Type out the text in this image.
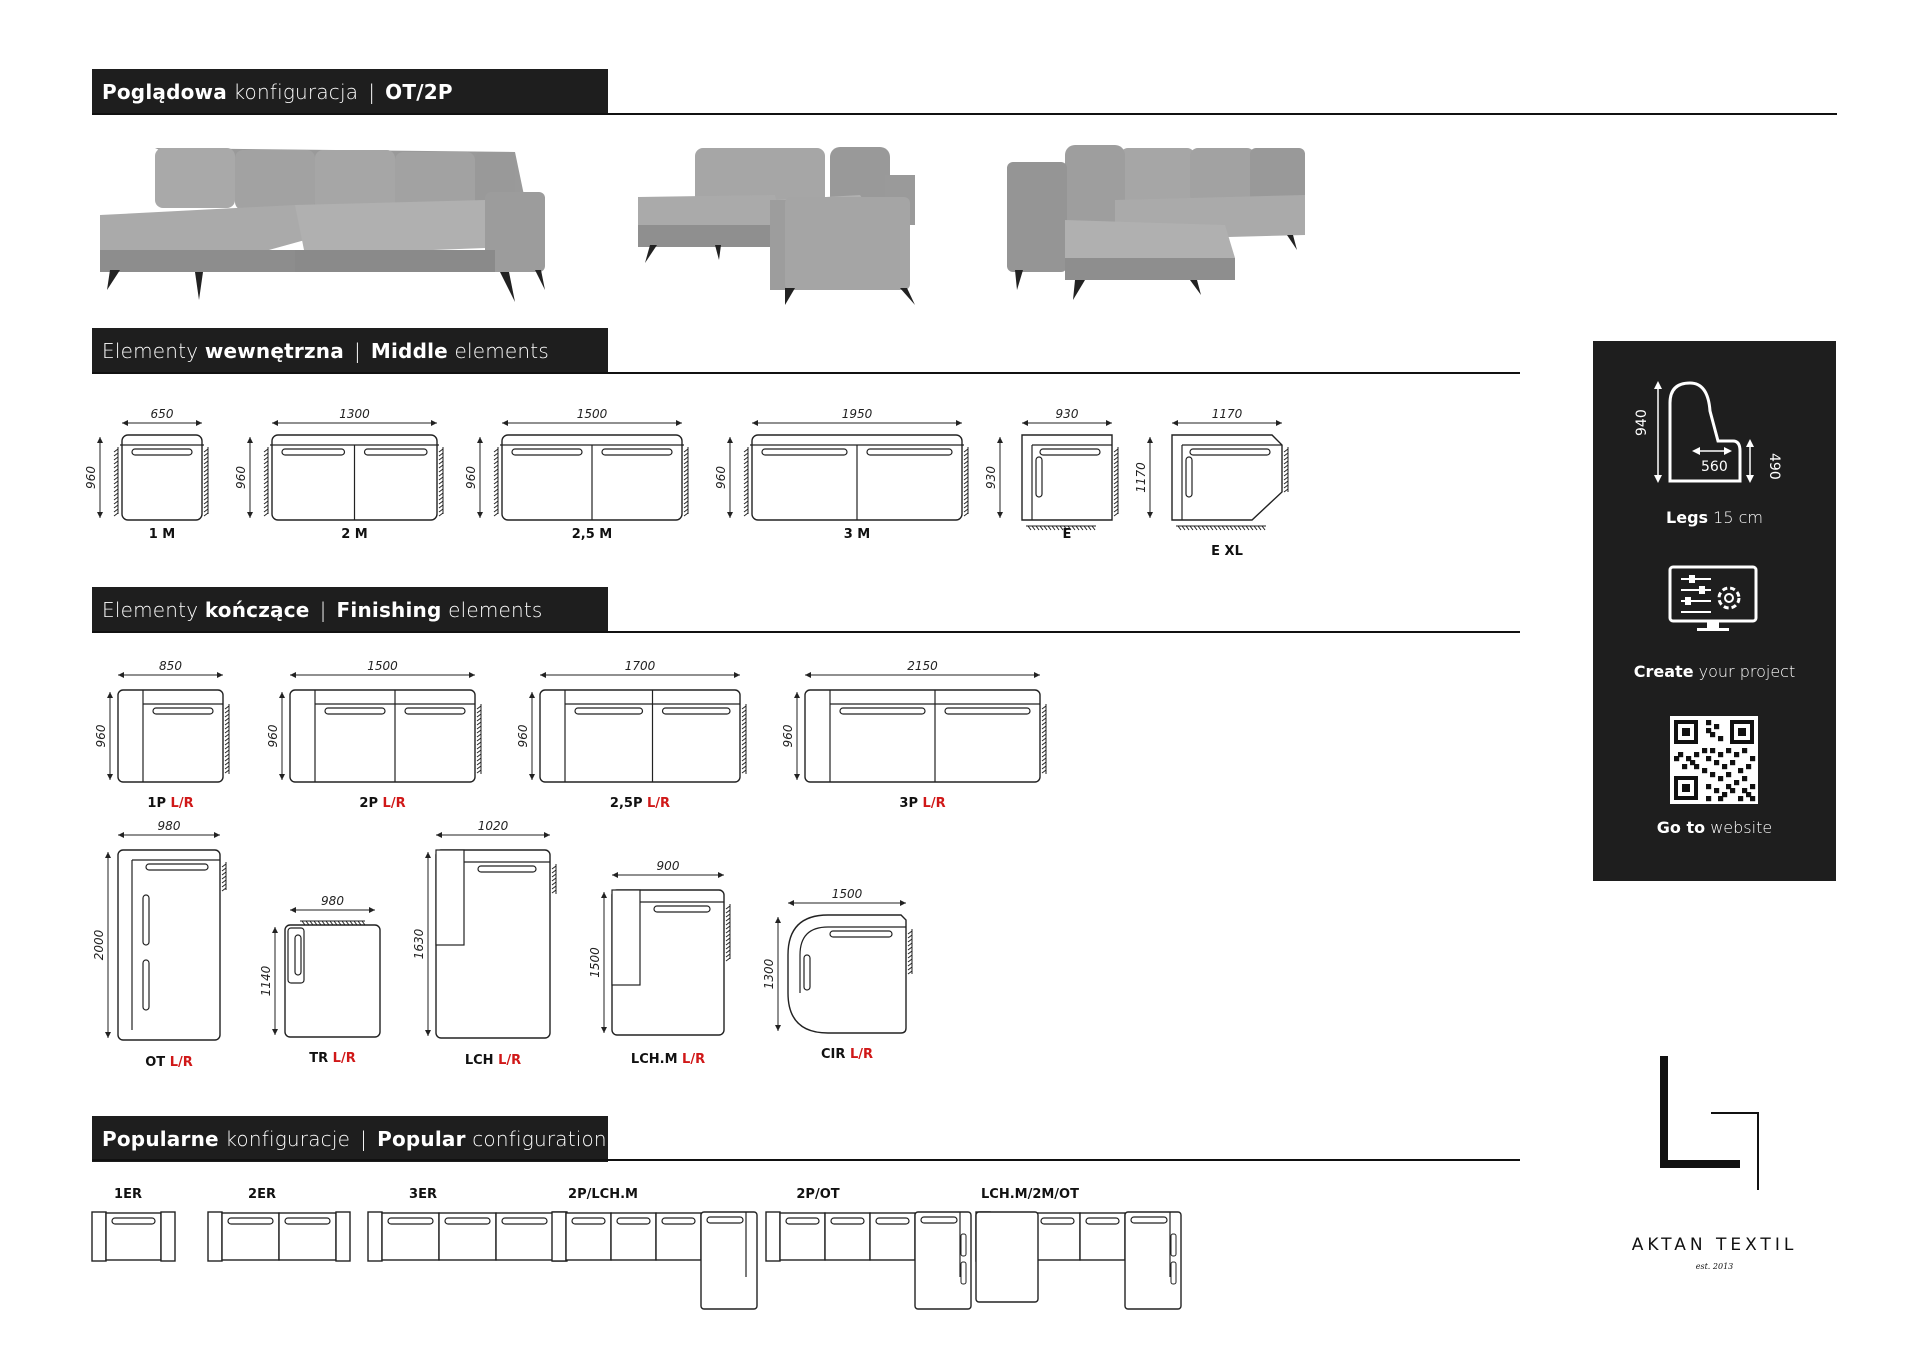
Poglądowa
konfiguracja | OT/2P
Elementy
wewnętrzna | Middle
elements
650
960
1 M
1300
960
2 M
1500
960
2,5 M
1950
960
3 M
930
930
E
1170
1170
E XL
Elementy
kończące | Finishing
elements
850
960
1P L/R
1500
960
2P L/R
1700
960
2,5P L/R
2150
960
3P L/R
980
2000
OT L/R
980
1140
TR L/R
1020
1630
LCH L/R
900
1500
LCH.M L/R
1500
1300
CIR L/R
Popularne
konfiguracje | Popular
configurations
1ER	2ER	3ER	2P/LCH.M	2P/OT	LCH.M/2M/OT
940
560	490
Legs 15 cm
Create your project
Go to website
AKTAN TEXTIL
est. 2013
